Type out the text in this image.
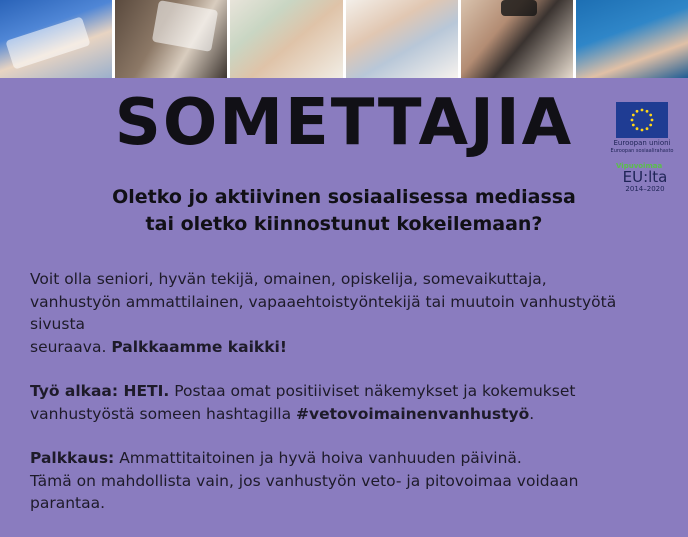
SOMETTAJIA	Euroopan unioni
Euroopan sosiaalirahasto
Vipuvoimaa
EU:lta
2014–2020
Oletko jo aktiivinen sosiaalisessa mediassa
tai oletko kiinnostunut kokeilemaan?
Voit olla seniori, hyvän tekijä, omainen, opiskelija, somevaikuttaja,
vanhustyön ammattilainen, vapaaehtoistyöntekijä tai muutoin vanhustyötä sivusta
seuraava. Palkkaamme kaikki!
Työ alkaa: HETI. Postaa omat positiiviset näkemykset ja kokemukset
vanhustyöstä someen hashtagilla #vetovoimainenvanhustyö.
Palkkaus: Ammattitaitoinen ja hyvä hoiva vanhuuden päivinä.
Tämä on mahdollista vain, jos vanhustyön veto- ja pitovoimaa voidaan parantaa.
